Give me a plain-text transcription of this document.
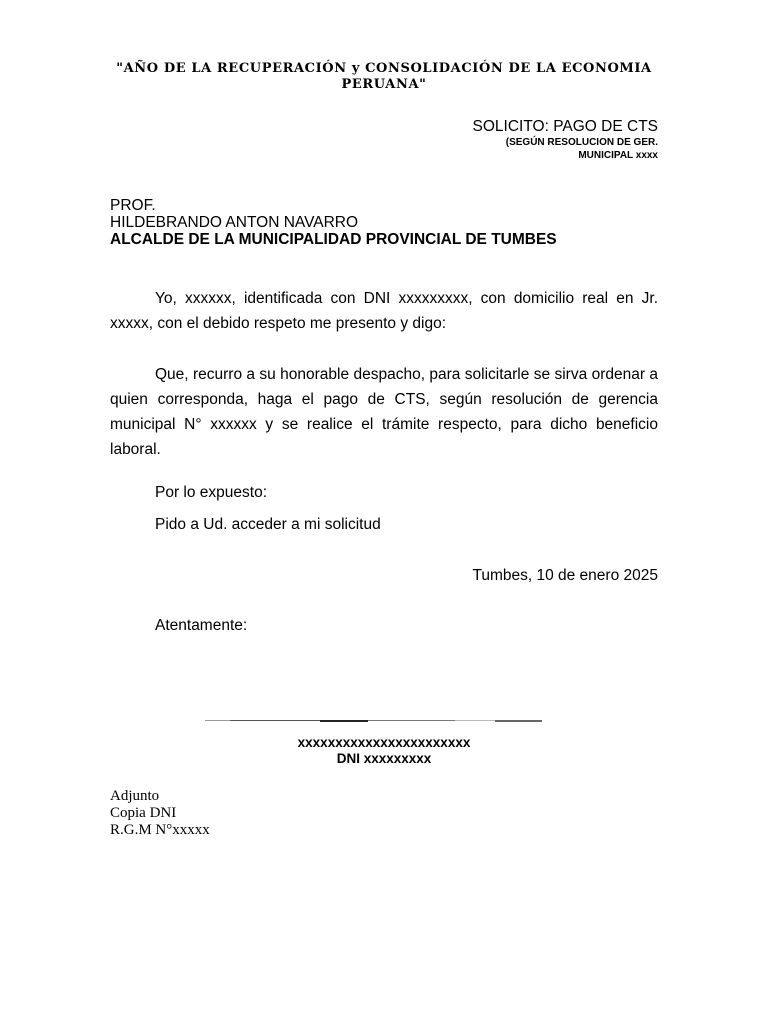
"AÑO DE LA RECUPERACIÓN y CONSOLIDACIÓN DE LA ECONOMIA
PERUANA"
SOLICITO: PAGO DE CTS
(SEGÚN RESOLUCION DE GER.
MUNICIPAL xxxx
PROF.
HILDEBRANDO ANTON NAVARRO
ALCALDE DE LA MUNICIPALIDAD PROVINCIAL DE TUMBES
Yo, xxxxxx, identificada con DNI xxxxxxxxx, con domicilio real en Jr. xxxxx, con el debido respeto me presento y digo:
Que, recurro a su honorable despacho, para solicitarle se sirva ordenar a quien corresponda, haga el pago de CTS, según resolución de gerencia municipal N° xxxxxx y se realice el trámite respecto, para dicho beneficio laboral.
Por lo expuesto:
Pido a Ud. acceder a mi solicitud
Tumbes, 10 de enero 2025
Atentamente:
xxxxxxxxxxxxxxxxxxxxxxx
DNI xxxxxxxxx
Adjunto
Copia DNI
R.G.M N°xxxxx
